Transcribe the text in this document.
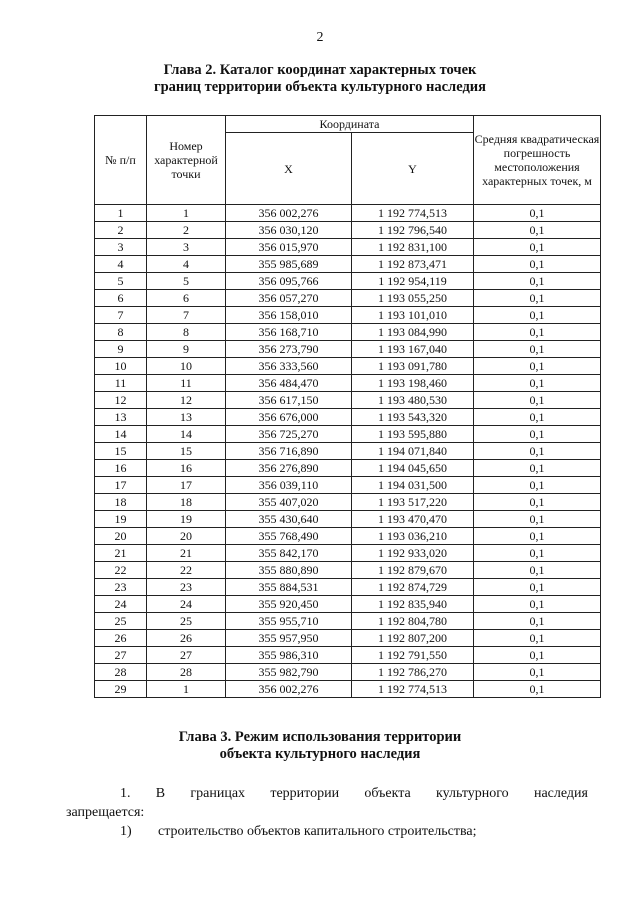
2
Глава 2. Каталог координат характерных точек
границ территории объекта культурного наследия
№ п/п	Номер характерной точки	Координата		Средняя квадратическая погрешность местоположения характерных точек, м
		X	Y	
1	1	356 002,276	1 192 774,513	0,1
2	2	356 030,120	1 192 796,540	0,1
3	3	356 015,970	1 192 831,100	0,1
4	4	355 985,689	1 192 873,471	0,1
5	5	356 095,766	1 192 954,119	0,1
6	6	356 057,270	1 193 055,250	0,1
7	7	356 158,010	1 193 101,010	0,1
8	8	356 168,710	1 193 084,990	0,1
9	9	356 273,790	1 193 167,040	0,1
10	10	356 333,560	1 193 091,780	0,1
11	11	356 484,470	1 193 198,460	0,1
12	12	356 617,150	1 193 480,530	0,1
13	13	356 676,000	1 193 543,320	0,1
14	14	356 725,270	1 193 595,880	0,1
15	15	356 716,890	1 194 071,840	0,1
16	16	356 276,890	1 194 045,650	0,1
17	17	356 039,110	1 194 031,500	0,1
18	18	355 407,020	1 193 517,220	0,1
19	19	355 430,640	1 193 470,470	0,1
20	20	355 768,490	1 193 036,210	0,1
21	21	355 842,170	1 192 933,020	0,1
22	22	355 880,890	1 192 879,670	0,1
23	23	355 884,531	1 192 874,729	0,1
24	24	355 920,450	1 192 835,940	0,1
25	25	355 955,710	1 192 804,780	0,1
26	26	355 957,950	1 192 807,200	0,1
27	27	355 986,310	1 192 791,550	0,1
28	28	355 982,790	1 192 786,270	0,1
29	1	356 002,276	1 192 774,513	0,1
Глава 3. Режим использования территории
объекта культурного наследия
1. В границах территории объекта культурного наследия
запрещается:
1)	строительство объектов капитального строительства;
